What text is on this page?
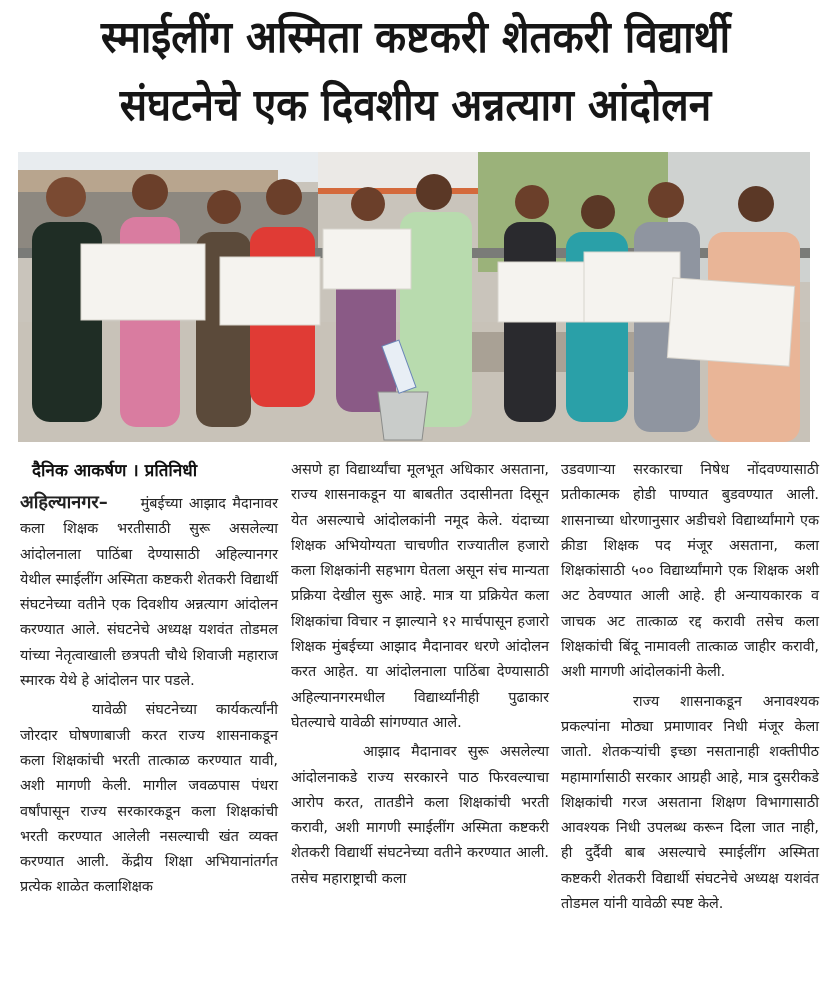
स्माईलींग अस्मिता कष्टकरी शेतकरी विद्यार्थी
संघटनेचे एक दिवशीय अन्नत्याग आंदोलन

दैनिक आकर्षण । प्रतिनिधी

अहिल्यानगर– मुंबईच्या आझाद मैदानावर कला शिक्षक भरतीसाठी सुरू असलेल्या आंदोलनाला पाठिंबा देण्यासाठी अहिल्यानगर येथील स्माईलींग अस्मिता कष्टकरी शेतकरी विद्यार्थी संघटनेच्या वतीने एक दिवशीय अन्नत्याग आंदोलन करण्यात आले. संघटनेचे अध्यक्ष यशवंत तोडमल यांच्या नेतृत्वाखाली छत्रपती चौथे शिवाजी महाराज स्मारक येथे हे आंदोलन पार पडले.

यावेळी संघटनेच्या कार्यकर्त्यांनी जोरदार घोषणाबाजी करत राज्य शासनाकडून कला शिक्षकांची भरती तात्काळ करण्यात यावी, अशी मागणी केली. मागील जवळपास पंधरा वर्षांपासून राज्य सरकारकडून कला शिक्षकांची भरती करण्यात आलेली नसल्याची खंत व्यक्त करण्यात आली. केंद्रीय शिक्षा अभियानांतर्गत प्रत्येक शाळेत कलाशिक्षक

असणे हा विद्यार्थ्यांचा मूलभूत अधिकार असताना, राज्य शासनाकडून या बाबतीत उदासीनता दिसून येत असल्याचे आंदोलकांनी नमूद केले. यंदाच्या शिक्षक अभियोग्यता चाचणीत राज्यातील हजारो कला शिक्षकांनी सहभाग घेतला असून संच मान्यता प्रक्रिया देखील सुरू आहे. मात्र या प्रक्रियेत कला शिक्षकांचा विचार न झाल्याने १२ मार्चपासून हजारो शिक्षक मुंबईच्या आझाद मैदानावर धरणे आंदोलन करत आहेत. या आंदोलनाला पाठिंबा देण्यासाठी अहिल्यानगरमधील विद्यार्थ्यांनीही पुढाकार घेतल्याचे यावेळी सांगण्यात आले.

आझाद मैदानावर सुरू असलेल्या आंदोलनाकडे राज्य सरकारने पाठ फिरवल्याचा आरोप करत, तातडीने कला शिक्षकांची भरती करावी, अशी मागणी स्माईलींग अस्मिता कष्टकरी शेतकरी विद्यार्थी संघटनेच्या वतीने करण्यात आली. तसेच महाराष्ट्राची कला

उडवणाऱ्या सरकारचा निषेध नोंदवण्यासाठी प्रतीकात्मक होडी पाण्यात बुडवण्यात आली. शासनाच्या धोरणानुसार अडीचशे विद्यार्थ्यांमागे एक क्रीडा शिक्षक पद मंजूर असताना, कला शिक्षकांसाठी ५०० विद्यार्थ्यांमागे एक शिक्षक अशी अट ठेवण्यात आली आहे. ही अन्यायकारक व जाचक अट तात्काळ रद्द करावी तसेच कला शिक्षकांची बिंदू नामावली तात्काळ जाहीर करावी, अशी मागणी आंदोलकांनी केली.

राज्य शासनाकडून अनावश्यक प्रकल्पांना मोठ्या प्रमाणावर निधी मंजूर केला जातो. शेतकऱ्यांची इच्छा नसतानाही शक्तीपीठ महामार्गासाठी सरकार आग्रही आहे, मात्र दुसरीकडे शिक्षकांची गरज असताना शिक्षण विभागासाठी आवश्यक निधी उपलब्ध करून दिला जात नाही, ही दुर्दैवी बाब असल्याचे स्माईलींग अस्मिता कष्टकरी शेतकरी विद्यार्थी संघटनेचे अध्यक्ष यशवंत तोडमल यांनी यावेळी स्पष्ट केले.
